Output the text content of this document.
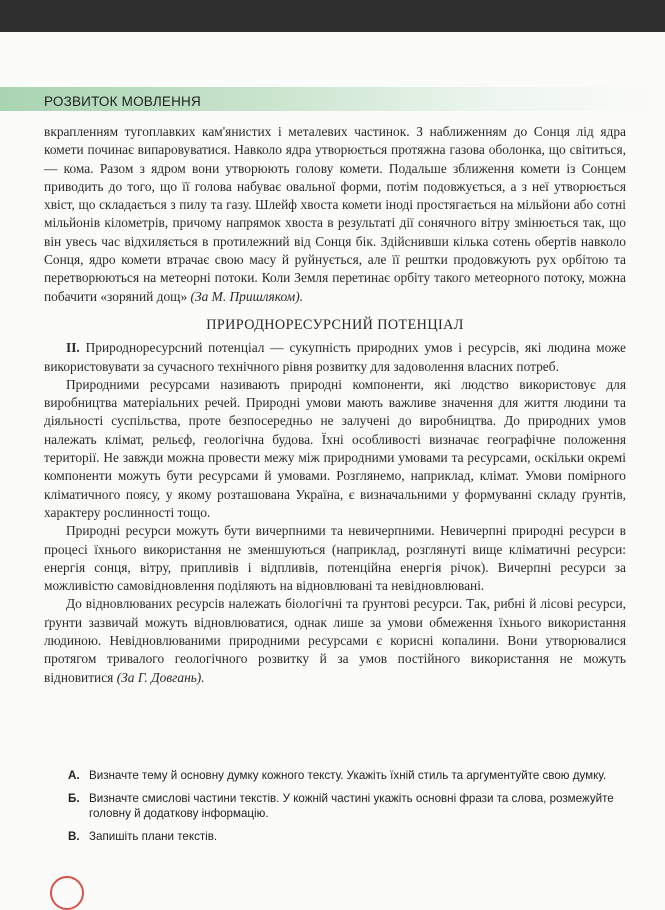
РОЗВИТОК МОВЛЕННЯ

вкрапленням тугоплавких кам'янистих і металевих частинок. З наближенням до Сонця лід ядра комети починає випаровуватися. Навколо ядра утворюється протяжна газова оболонка, що світиться, — кома. Разом з ядром вони утворюють голову комети. Подальше зближення комети із Сонцем приводить до того, що її голова набуває овальної форми, потім подовжується, а з неї утворюється хвіст, що складається з пилу та газу. Шлейф хвоста комети іноді простягається на мільйони або сотні мільйонів кілометрів, причому напрямок хвоста в результаті дії сонячного вітру змінюється так, що він увесь час відхиляється в протилежний від Сонця бік. Здійснивши кілька сотень обертів навколо Сонця, ядро комети втрачає свою масу й руйнується, але її рештки продовжують рух орбітою та перетворюються на метеорні потоки. Коли Земля перетинає орбіту такого метеорного потоку, можна побачити «зоряний дощ» (За М. Пришляком).

ПРИРОДНОРЕСУРСНИЙ ПОТЕНЦІАЛ

II. Природноресурсний потенціал — сукупність природних умов і ресурсів, які людина може використовувати за сучасного технічного рівня розвитку для задоволення власних потреб.

Природними ресурсами називають природні компоненти, які людство використовує для виробництва матеріальних речей. Природні умови мають важливе значення для життя людини та діяльності суспільства, проте безпосередньо не залучені до виробництва. До природних умов належать клімат, рельєф, геологічна будова. Їхні особливості визначає географічне положення території. Не завжди можна провести межу між природними умовами та ресурсами, оскільки окремі компоненти можуть бути ресурсами й умовами. Розглянемо, наприклад, клімат. Умови помірного кліматичного поясу, у якому розташована Україна, є визначальними у формуванні складу ґрунтів, характеру рослинності тощо.

Природні ресурси можуть бути вичерпними та невичерпними. Невичерпні природні ресурси в процесі їхнього використання не зменшуються (наприклад, розглянуті вище кліматичні ресурси: енергія сонця, вітру, припливів і відпливів, потенційна енергія річок). Вичерпні ресурси за можливістю самовідновлення поділяють на відновлювані та невідновлювані.

До відновлюваних ресурсів належать біологічні та ґрунтові ресурси. Так, рибні й лісові ресурси, ґрунти зазвичай можуть відновлюватися, однак лише за умови обмеження їхнього використання людиною. Невідновлюваними природними ресурсами є корисні копалини. Вони утворювалися протягом тривалого геологічного розвитку й за умов постійного використання не можуть відновитися (За Г. Довгань).

А. Визначте тему й основну думку кожного тексту. Укажіть їхній стиль та аргументуйте свою думку.
Б. Визначте смислові частини текстів. У кожній частині укажіть основні фрази та слова, розмежуйте головну й додаткову інформацію.
В. Запишіть плани текстів.
